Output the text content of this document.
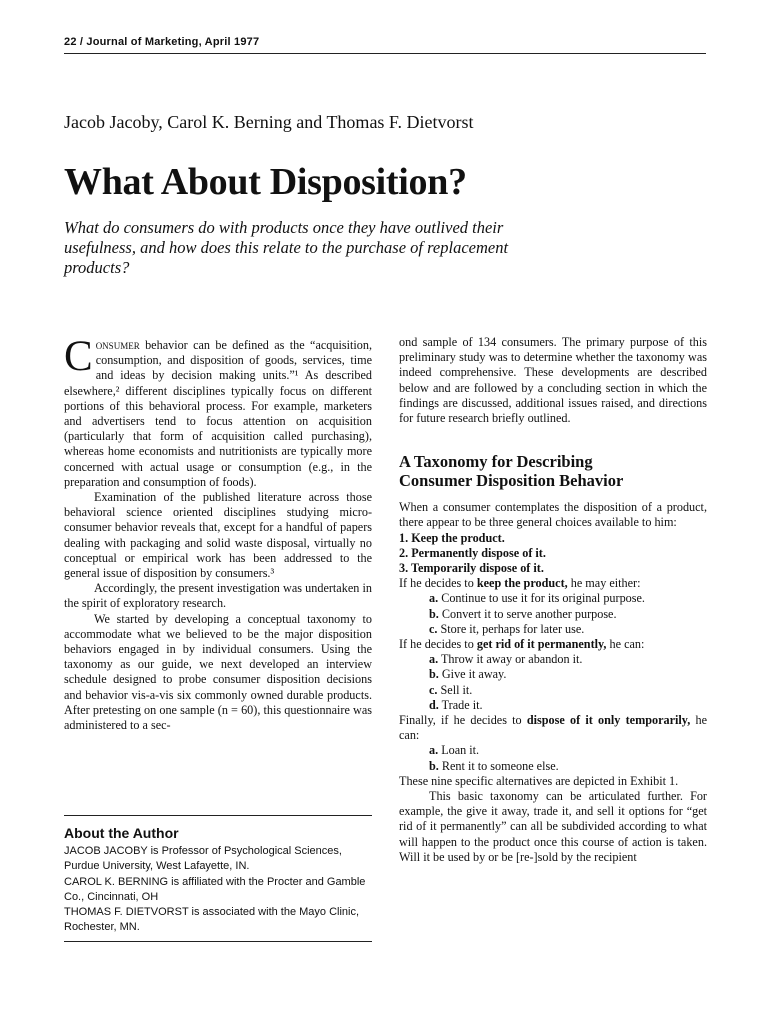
22 / Journal of Marketing, April 1977
Jacob Jacoby, Carol K. Berning and Thomas F. Dietvorst
What About Disposition?
What do consumers do with products once they have outlived their usefulness, and how does this relate to the purchase of replacement products?

Consumer behavior can be defined as the “acquisition, consumption, and disposition of goods, services, time and ideas by decision making units.”¹ As described elsewhere,² different disciplines typically focus on different portions of this behavioral process. For example, marketers and advertisers tend to focus attention on acquisition (particularly that form of acquisition called purchasing), whereas home economists and nutritionists are typically more concerned with actual usage or consumption (e.g., in the preparation and consumption of foods).

Examination of the published literature across those behavioral science oriented disciplines studying micro-consumer behavior reveals that, except for a handful of papers dealing with packaging and solid waste disposal, virtually no conceptual or empirical work has been addressed to the general issue of disposition by consumers.³

Accordingly, the present investigation was undertaken in the spirit of exploratory research.

We started by developing a conceptual taxonomy to accommodate what we believed to be the major disposition behaviors engaged in by individual consumers. Using the taxonomy as our guide, we next developed an interview schedule designed to probe consumer disposition decisions and behavior vis-a-vis six commonly owned durable products. After pretesting on one sample (n = 60), this questionnaire was administered to a sec-

About the Author

JACOB JACOBY is Professor of Psychological Sciences, Purdue University, West Lafayette, IN.

CAROL K. BERNING is affiliated with the Procter and Gamble Co., Cincinnati, OH

THOMAS F. DIETVORST is associated with the Mayo Clinic, Rochester, MN.

ond sample of 134 consumers. The primary purpose of this preliminary study was to determine whether the taxonomy was indeed comprehensive. These developments are described below and are followed by a concluding section in which the findings are discussed, additional issues raised, and directions for future research briefly outlined.

A Taxonomy for Describing
Consumer Disposition Behavior

When a consumer contemplates the disposition of a product, there appear to be three general choices available to him:

1. Keep the product.

2. Permanently dispose of it.

3. Temporarily dispose of it.

If he decides to keep the product, he may either:

a. Continue to use it for its original purpose.

b. Convert it to serve another purpose.

c. Store it, perhaps for later use.

If he decides to get rid of it permanently, he can:

a. Throw it away or abandon it.

b. Give it away.

c. Sell it.

d. Trade it.

Finally, if he decides to dispose of it only temporarily, he can:

a. Loan it.

b. Rent it to someone else.

These nine specific alternatives are depicted in Exhibit 1.

This basic taxonomy can be articulated further. For example, the give it away, trade it, and sell it options for “get rid of it permanently” can all be subdivided according to what will happen to the product once this course of action is taken. Will it be used by or be [re-]sold by the recipient
